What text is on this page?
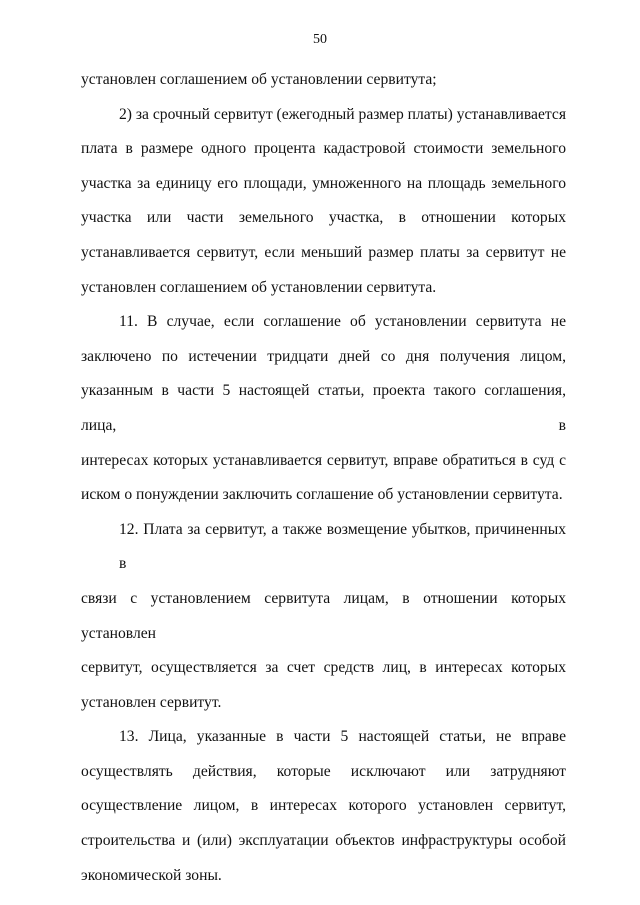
50
установлен соглашением об установлении сервитута;
2) за срочный сервитут (ежегодный размер платы) устанавливается
плата в размере одного процента кадастровой стоимости земельного
участка за единицу его площади, умноженного на площадь земельного
участка или части земельного участка, в отношении которых
устанавливается сервитут, если меньший размер платы за сервитут не
установлен соглашением об установлении сервитута.
11. В случае, если соглашение об установлении сервитута не
заключено по истечении тридцати дней со дня получения лицом,
указанным в части 5 настоящей статьи, проекта такого соглашения, лица, в
интересах которых устанавливается сервитут, вправе обратиться в суд с
иском о понуждении заключить соглашение об установлении сервитута.
12. Плата за сервитут, а также возмещение убытков, причиненных в
связи с установлением сервитута лицам, в отношении которых установлен
сервитут, осуществляется за счет средств лиц, в интересах которых
установлен сервитут.
13. Лица, указанные в части 5 настоящей статьи, не вправе
осуществлять действия, которые исключают или затрудняют
осуществление лицом, в интересах которого установлен сервитут,
строительства и (или) эксплуатации объектов инфраструктуры особой
экономической зоны.
